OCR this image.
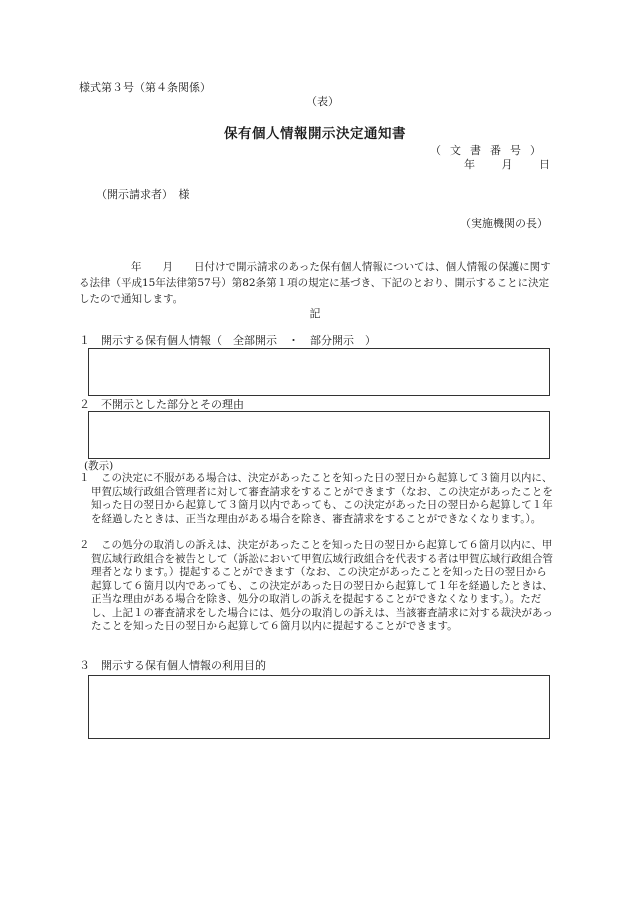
様式第３号（第４条関係）
（表）
保有個人情報開示決定通知書
（文書番号）
年 月 日
（開示請求者）　様
（実施機関の長）
年　　月　　日付けで開示請求のあった保有個人情報については、個人情報の保護に関する法律（平成15年法律第57号）第82条第１項の規定に基づき、下記のとおり、開示することに決定したので通知します。
記
１　開示する保有個人情報（　全部開示　・　部分開示　）
２　不開示とした部分とその理由
(教示)
１	この決定に不服がある場合は、決定があったことを知った日の翌日から起算して３箇月以内に、甲賀広域行政組合管理者に対して審査請求をすることができます（なお、この決定があったことを知った日の翌日から起算して３箇月以内であっても、この決定があった日の翌日から起算して１年を経過したときは、正当な理由がある場合を除き、審査請求をすることができなくなります。）。
２	この処分の取消しの訴えは、決定があったことを知った日の翌日から起算して６箇月以内に、甲賀広域行政組合を被告として（訴訟において甲賀広域行政組合を代表する者は甲賀広域行政組合管理者となります。）提起することができます（なお、この決定があったことを知った日の翌日から起算して６箇月以内であっても、この決定があった日の翌日から起算して１年を経過したときは、正当な理由がある場合を除き、処分の取消しの訴えを提起することができなくなります。）。ただし、上記１の審査請求をした場合には、処分の取消しの訴えは、当該審査請求に対する裁決があったことを知った日の翌日から起算して６箇月以内に提起することができます。
３　開示する保有個人情報の利用目的
